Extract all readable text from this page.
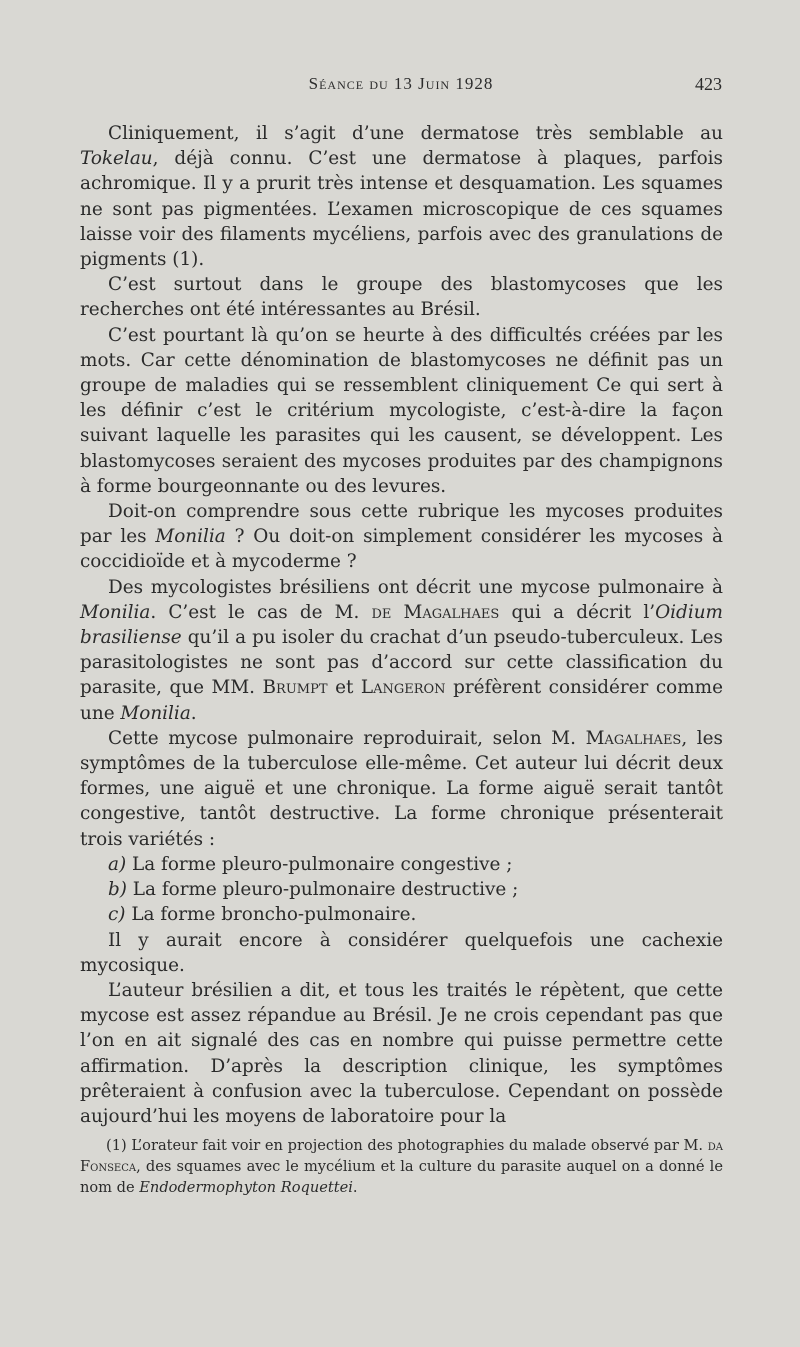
Séance du 13 Juin 1928	423

Cliniquement, il s’agit d’une dermatose très semblable au Tokelau, déjà connu. C’est une dermatose à plaques, parfois achromique. Il y a prurit très intense et desquamation. Les squames ne sont pas pigmentées. L’examen microscopique de ces squames laisse voir des filaments mycéliens, parfois avec des granulations de pigments (1).

C’est surtout dans le groupe des blastomycoses que les recherches ont été intéressantes au Brésil.

C’est pourtant là qu’on se heurte à des difficultés créées par les mots. Car cette dénomination de blastomycoses ne définit pas un groupe de maladies qui se ressemblent cliniquement Ce qui sert à les définir c’est le critérium mycologiste, c’est-à-dire la façon suivant laquelle les parasites qui les causent, se développent. Les blastomycoses seraient des mycoses produites par des champignons à forme bourgeonnante ou des levures.

Doit-on comprendre sous cette rubrique les mycoses produites par les Monilia ? Ou doit-on simplement considérer les mycoses à coccidioïde et à mycoderme ?

Des mycologistes brésiliens ont décrit une mycose pulmonaire à Monilia. C’est le cas de M. de Magalhaes qui a décrit l’Oidium brasiliense qu’il a pu isoler du crachat d’un pseudo-tuberculeux. Les parasitologistes ne sont pas d’accord sur cette classification du parasite, que MM. Brumpt et Langeron préfèrent considérer comme une Monilia.

Cette mycose pulmonaire reproduirait, selon M. Magalhaes, les symptômes de la tuberculose elle-même. Cet auteur lui décrit deux formes, une aiguë et une chronique. La forme aiguë serait tantôt congestive, tantôt destructive. La forme chronique présenterait trois variétés :

a) La forme pleuro-pulmonaire congestive ;

b) La forme pleuro-pulmonaire destructive ;

c) La forme broncho-pulmonaire.

Il y aurait encore à considérer quelquefois une cachexie mycosique.

L’auteur brésilien a dit, et tous les traités le répètent, que cette mycose est assez répandue au Brésil. Je ne crois cependant pas que l’on en ait signalé des cas en nombre qui puisse permettre cette affirmation. D’après la description clinique, les symptômes prêteraient à confusion avec la tuberculose. Cependant on possède aujourd’hui les moyens de laboratoire pour la

(1) L’orateur fait voir en projection des photographies du malade observé par M. da Fonseca, des squames avec le mycélium et la culture du parasite auquel on a donné le nom de Endodermophyton Roquettei.
